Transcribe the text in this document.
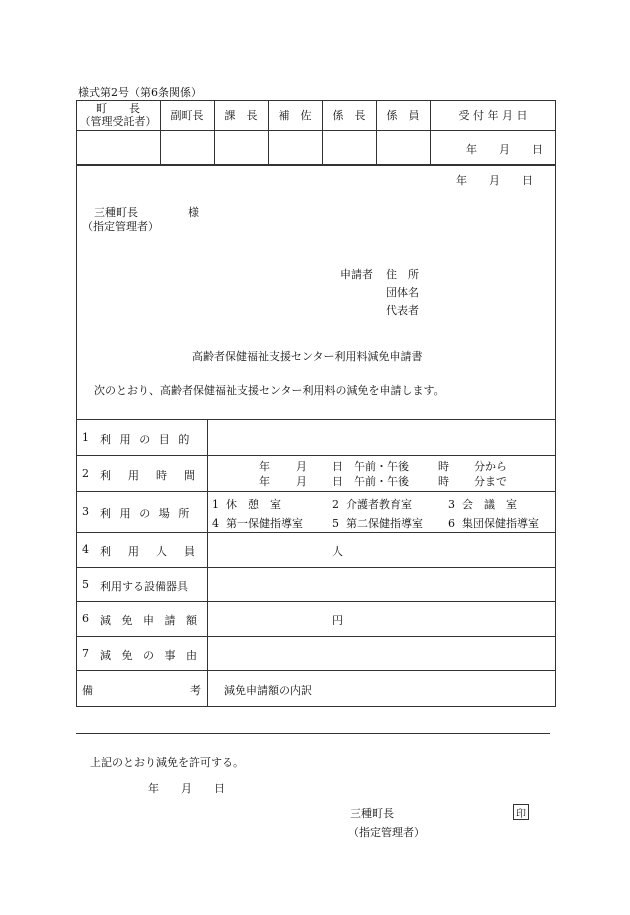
様式第2号（第6条関係）
町　　長
（管理受託者）	副町長	課　長	補　佐	係　長	係　員	受 付 年 月 日
年　　月　　日
年　　月　　日
三種町長	様
（指定管理者）
申請者 住　所
団体名
代表者
高齢者保健福祉支援センター利用料減免申請書
次のとおり、高齢者保健福祉支援センター利用料の減免を申請します。
1 利用の目的
2 利用時間
年 月 日 午前・午後	時 分から
年 月 日 午前・午後	時 分まで
3 利用の場所
1 休　憩　室	2 介護者教育室	3 会　議　室
4 第一保健指導室	5 第二保健指導室 6 集団保健指導室
4 利用人員	人
5 利用する設備器具
6 減免申請額	円
7 減免の事由
備	考 減免申請額の内訳
上記のとおり減免を許可する。
年　　月　　日
三種町長	印
（指定管理者）
